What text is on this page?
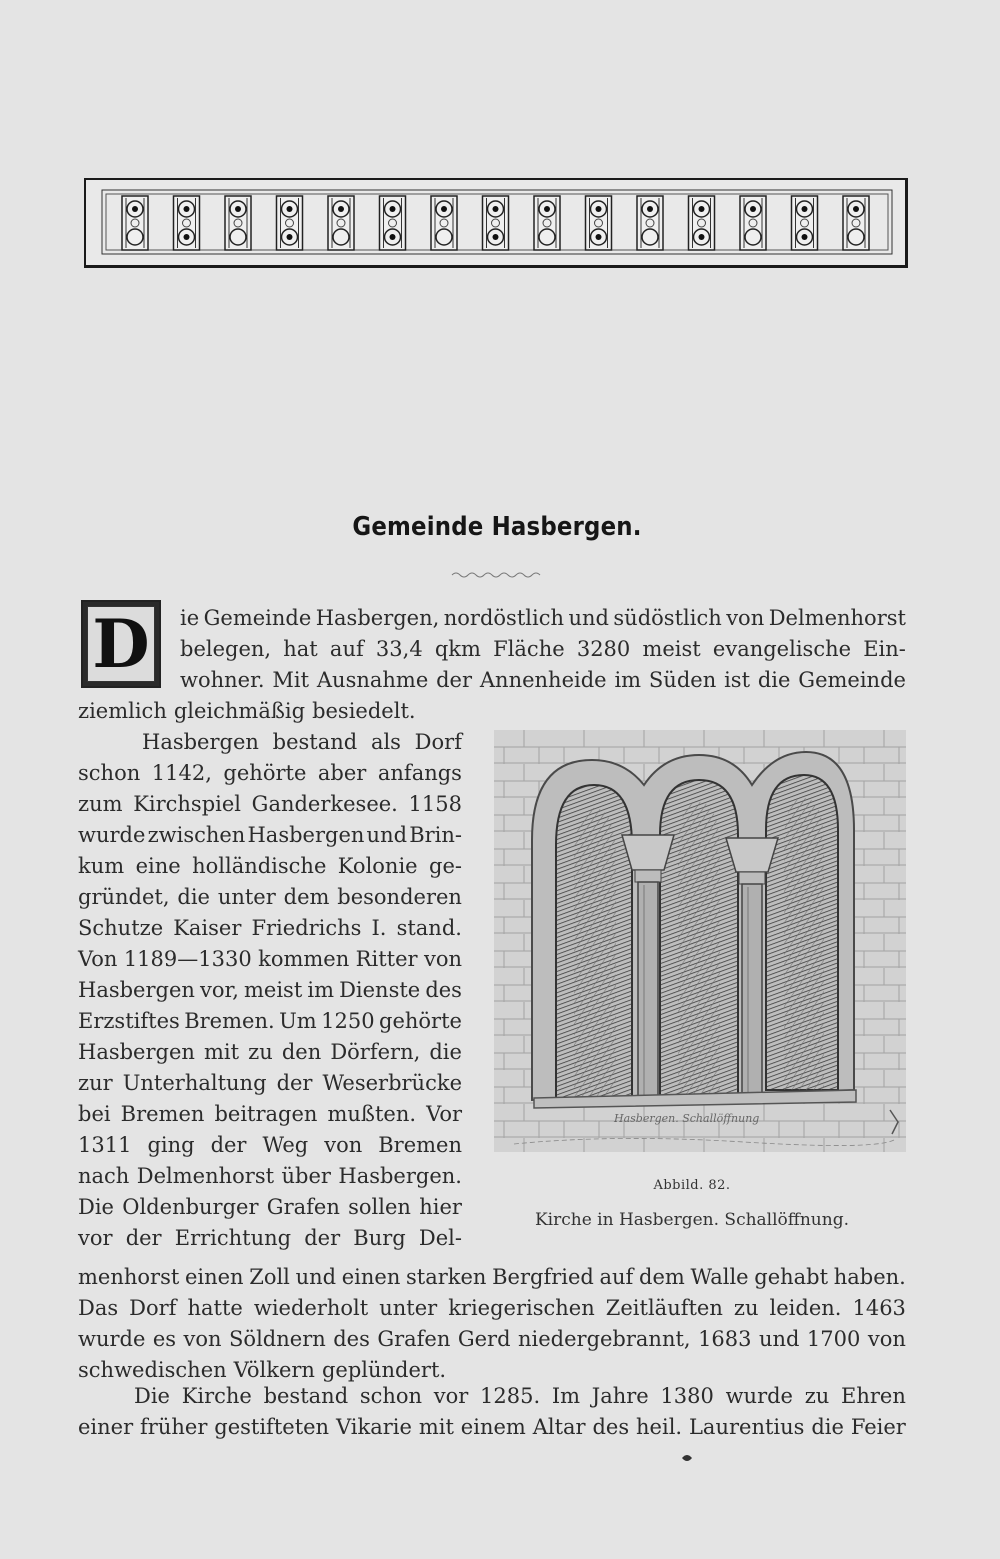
Gemeinde Hasbergen.
D ie Gemeinde Hasbergen, nordöstlich und südöstlich von Delmenhorst
belegen, hat auf 33,4 qkm Fläche 3280 meist evangelische Ein-
wohner. Mit Ausnahme der Annenheide im Süden ist die Gemeinde
ziemlich gleichmäßig besiedelt.
Hasbergen bestand als Dorf
schon 1142, gehörte aber anfangs
zum Kirchspiel Ganderkesee. 1158
wurde zwischen Hasbergen und Brin-
kum eine holländische Kolonie ge-
gründet, die unter dem besonderen
Schutze Kaiser Friedrichs I. stand.
Von 1189—1330 kommen Ritter von
Hasbergen vor, meist im Dienste des
Erzstiftes Bremen. Um 1250 gehörte
Hasbergen mit zu den Dörfern, die
zur Unterhaltung der Weserbrücke
bei Bremen beitragen mußten. Vor
1311 ging der Weg von Bremen
nach Delmenhorst über Hasbergen.
Die Oldenburger Grafen sollen hier
vor der Errichtung der Burg Del-
menhorst einen Zoll und einen starken Bergfried auf dem Walle gehabt haben.
Das Dorf hatte wiederholt unter kriegerischen Zeitläuften zu leiden. 1463
wurde es von Söldnern des Grafen Gerd niedergebrannt, 1683 und 1700 von
schwedischen Völkern geplündert.
Die Kirche bestand schon vor 1285. Im Jahre 1380 wurde zu Ehren
einer früher gestifteten Vikarie mit einem Altar des heil. Laurentius die Feier
Hasbergen. Schallöffnung
Abbild. 82.
Kirche in Hasbergen. Schallöffnung.
